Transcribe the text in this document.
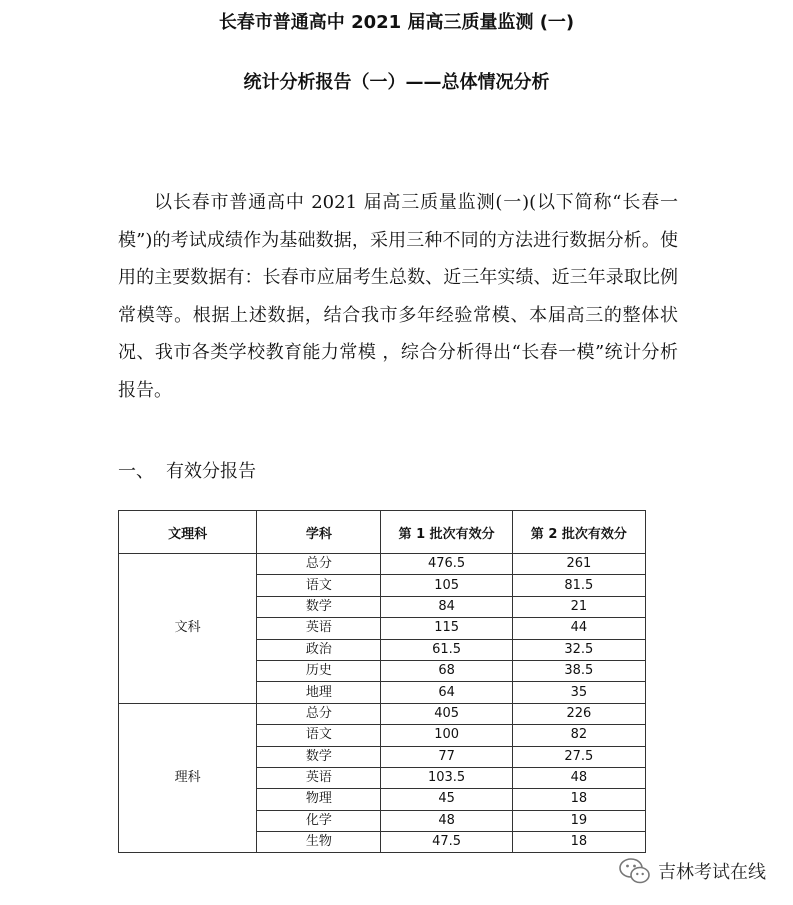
长春市普通高中 2021 届高三质量监测 (一)
统计分析报告（一）——总体情况分析
以长春市普通高中 2021 届高三质量监测(一)(以下简称“长春一模”)的考试成绩作为基础数据，采用三种不同的方法进行数据分析。使用的主要数据有：长春市应届考生总数、近三年实绩、近三年录取比例常模等。根据上述数据，结合我市多年经验常模、本届高三的整体状况、我市各类学校教育能力常模 ，综合分析得出“长春一模”统计分析报告。
一、 有效分报告
文理科	学科	第 1 批次有效分	第 2 批次有效分
文科	总分	476.5	261
	语文	105	81.5
	数学	84	21
	英语	115	44
	政治	61.5	32.5
	历史	68	38.5
	地理	64	35
理科	总分	405	226
	语文	100	82
	数学	77	27.5
	英语	103.5	48
	物理	45	18
	化学	48	19
	生物	47.5	18
吉林考试在线
